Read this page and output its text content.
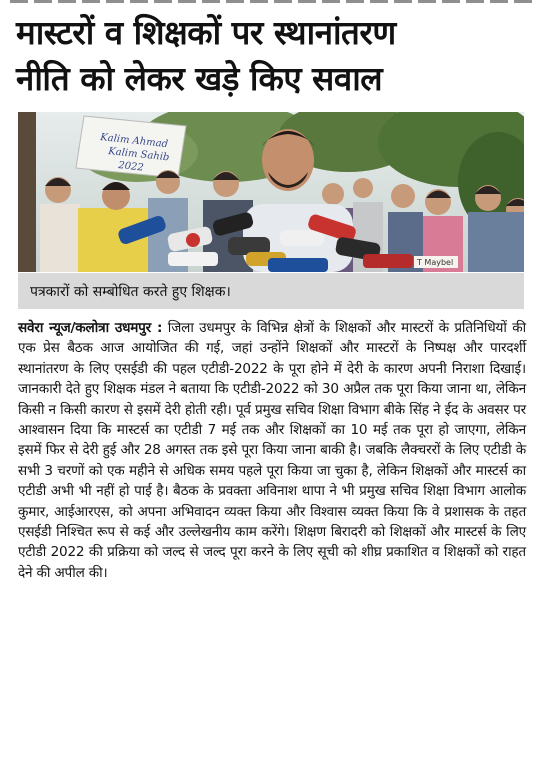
मास्टरों व शिक्षकों पर स्थानांतरण
नीति को लेकर खड़े किए सवाल
Kalim Ahmad
Kalim Sahib
2022
T Maybel
पत्रकारों को सम्बोधित करते हुए शिक्षक।
सवेरा न्यूज/कलोत्रा उधमपुर : जिला उधमपुर के विभिन्न क्षेत्रों के शिक्षकों और मास्टरों के प्रतिनिधियों की एक प्रेस बैठक आज आयोजित की गई, जहां उन्होंने शिक्षकों और मास्टरों के निष्पक्ष और पारदर्शी स्थानांतरण के लिए एसईडी की पहल एटीडी-2022 के पूरा होने में देरी के कारण अपनी निराशा दिखाई। जानकारी देते हुए शिक्षक मंडल ने बताया कि एटीडी-2022 को 30 अप्रैल तक पूरा किया जाना था, लेकिन किसी न किसी कारण से इसमें देरी होती रही। पूर्व प्रमुख सचिव शिक्षा विभाग बीके सिंह ने ईद के अवसर पर आश्वासन दिया कि मास्टर्स का एटीडी 7 मई तक और शिक्षकों का 10 मई तक पूरा हो जाएगा, लेकिन इसमें फिर से देरी हुई और 28 अगस्त तक इसे पूरा किया जाना बाकी है। जबकि लैक्चररों के लिए एटीडी के सभी 3 चरणों को एक महीने से अधिक समय पहले पूरा किया जा चुका है, लेकिन शिक्षकों और मास्टर्स का एटीडी अभी भी नहीं हो पाई है। बैठक के प्रवक्ता अविनाश थापा ने भी प्रमुख सचिव शिक्षा विभाग आलोक कुमार, आईआरएस, को अपना अभिवादन व्यक्त किया और विश्वास व्यक्त किया कि वे प्रशासक के तहत एसईडी निश्चित रूप से कई और उल्लेखनीय काम करेंगे। शिक्षण बिरादरी को शिक्षकों और मास्टर्स के लिए एटीडी 2022 की प्रक्रिया को जल्द से जल्द पूरा करने के लिए सूची को शीघ्र प्रकाशित व शिक्षकों को राहत देने की अपील की।
